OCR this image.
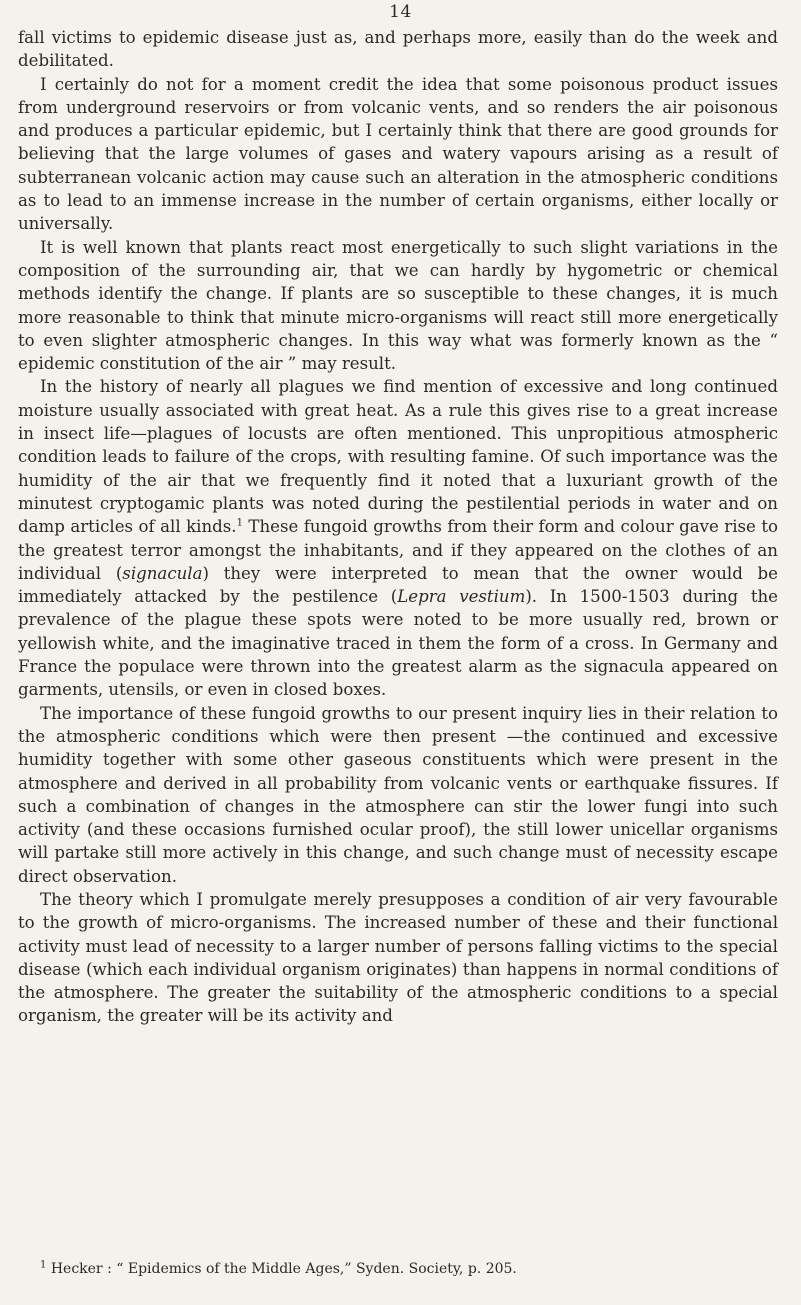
14

fall victims to epidemic disease just as, and perhaps more, easily than do the week and debilitated.

I certainly do not for a moment credit the idea that some poisonous product issues from underground reservoirs or from volcanic vents, and so renders the air poisonous and produces a particular epidemic, but I certainly think that there are good grounds for believing that the large volumes of gases and watery vapours arising as a result of subterranean volcanic action may cause such an alteration in the atmospheric conditions as to lead to an immense increase in the number of certain organisms, either locally or universally.

It is well known that plants react most energetically to such slight variations in the composition of the surrounding air, that we can hardly by hygometric or chemical methods identify the change. If plants are so susceptible to these changes, it is much more reasonable to think that minute micro-organisms will react still more energetically to even slighter atmospheric changes. In this way what was formerly known as the “ epidemic constitution of the air ” may result.

In the history of nearly all plagues we find mention of excessive and long continued moisture usually associated with great heat. As a rule this gives rise to a great increase in insect life—plagues of locusts are often mentioned. This unpropitious atmospheric condition leads to failure of the crops, with resulting famine. Of such importance was the humidity of the air that we frequently find it noted that a luxuriant growth of the minutest cryptogamic plants was noted during the pestilential periods in water and on damp articles of all kinds.$^1$ These fungoid growths from their form and colour gave rise to the greatest terror amongst the inhabitants, and if they appeared on the clothes of an individual (signacula) they were interpreted to mean that the owner would be immediately attacked by the pestilence (Lepra vestium). In 1500-1503 during the prevalence of the plague these spots were noted to be more usually red, brown or yellowish white, and the imaginative traced in them the form of a cross. In Germany and France the populace were thrown into the greatest alarm as the signacula appeared on garments, utensils, or even in closed boxes.

The importance of these fungoid growths to our present inquiry lies in their relation to the atmospheric conditions which were then present —the continued and excessive humidity together with some other gaseous constituents which were present in the atmosphere and derived in all probability from volcanic vents or earthquake fissures. If such a combination of changes in the atmosphere can stir the lower fungi into such activity (and these occasions furnished ocular proof), the still lower unicellar organisms will partake still more actively in this change, and such change must of necessity escape direct observation.

The theory which I promulgate merely presupposes a condition of air very favourable to the growth of micro-organisms. The increased number of these and their functional activity must lead of necessity to a larger number of persons falling victims to the special disease (which each individual organism originates) than happens in normal conditions of the atmosphere. The greater the suitability of the atmospheric conditions to a special organism, the greater will be its activity and

$^1$ Hecker : “ Epidemics of the Middle Ages,” Syden. Society, p. 205.
